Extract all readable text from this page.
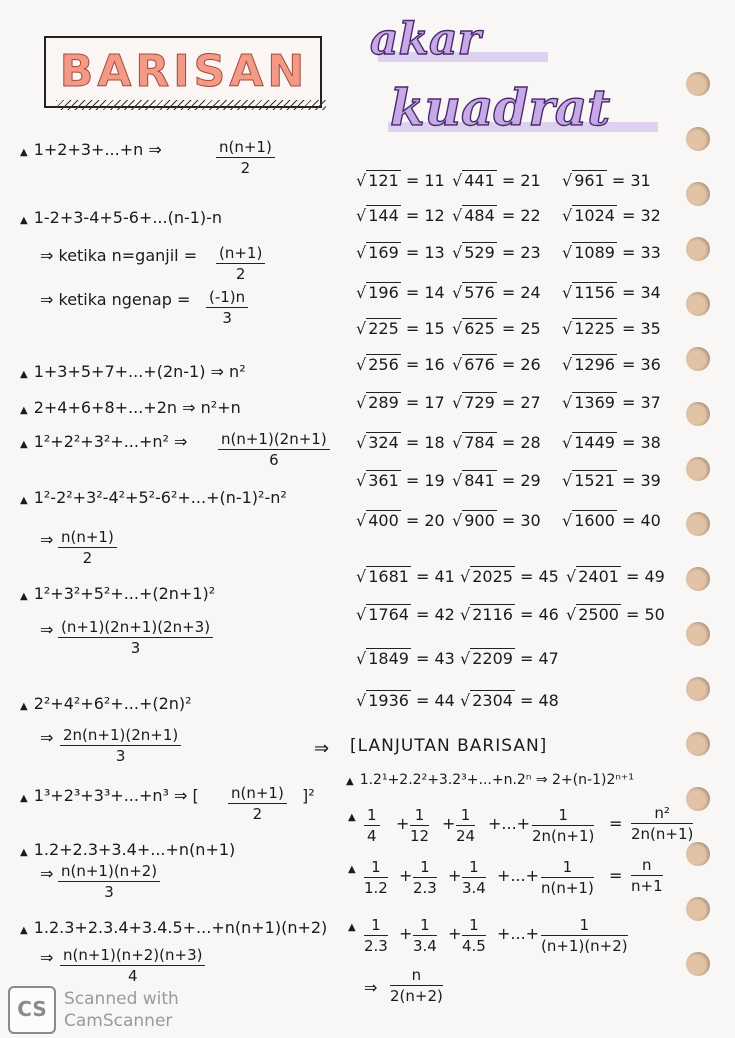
BARISAN
akar
kuadrat
▲ 1+2+3+...+n ⇒	$\frac{n(n+1)}{2}$
▲ 1-2+3-4+5-6+...(n-1)-n
⇒ ketika n=ganjil = $\frac{(n+1)}{2}$
⇒ ketika ngenap = $\frac{(-1)n}{3}$
▲ 1+3+5+7+...+(2n-1) ⇒ n²
▲ 2+4+6+8+...+2n ⇒ n²+n
▲ 1²+2²+3²+...+n² ⇒ $\frac{n(n+1)(2n+1)}{6}$
▲ 1²-2²+3²-4²+5²-6²+...+(n-1)²-n²
⇒ $\frac{n(n+1)}{2}$
▲ 1²+3²+5²+...+(2n+1)²
⇒ $\frac{(n+1)(2n+1)(2n+3)}{3}$
▲ 2²+4²+6²+...+(2n)²
⇒ $\frac{2n(n+1)(2n+1)}{3}$
▲ 1³+2³+3³+...+n³ ⇒ [ $\frac{n(n+1)}{2} ]^2$
▲ 1.2+2.3+3.4+...+n(n+1)
⇒ $\frac{n(n+1)(n+2)}{3}$
▲ 1.2.3+2.3.4+3.4.5+...+n(n+1)(n+2)
⇒ $\frac{n(n+1)(n+2)(n+3)}{4}$
√ 121 = 11
√ 144 = 12
√ 169 = 13
√ 196 = 14
√ 225 = 15
√ 256 = 16
√ 289 = 17
√ 324 = 18
√ 361 = 19
√ 400 = 20
√ 441 = 21
√ 484 = 22
√ 529 = 23
√ 576 = 24
√ 625 = 25
√ 676 = 26
√ 729 = 27
√ 784 = 28
√ 841 = 29
√ 900 = 30
√ 961 = 31
√ 1024 = 32
√ 1089 = 33
√ 1156 = 34
√ 1225 = 35
√ 1296 = 36
√ 1369 = 37
√ 1449 = 38
√ 1521 = 39
√ 1600 = 40
√ 1681 = 41
√ 1764 = 42
√ 1849 = 43
√ 1936 = 44
√ 2025 = 45
√ 2116 = 46
√ 2209 = 47
√ 2304 = 48
√ 2401 = 49
√ 2500 = 50
⇒ [LANJUTAN BARISAN]
▲ 1.2¹+2.2²+3.2³+...+n.2ⁿ ⇒ 2+(n-1)2ⁿ⁺¹
▲ $\frac{1}{4} + \frac{1}{12} + \frac{1}{24}$ +...+ $\frac{1}{2n(n+1)} = \frac{\text{n²}}{2n(n+1)}$
▲ $\frac{1}{1.2} + \frac{1}{2.3} + \frac{1}{3.4}$ +...+ $\frac{1}{n(n+1)} = \frac{n}{n+1}$
▲ $\frac{1}{2.3} + \frac{1}{3.4} + \frac{1}{4.5}$ +...+ $\frac{1}{(n+1)(n+2)}$
⇒ $\frac{n}{2(n+2)}$
CS	Scanned with
CamScanner
